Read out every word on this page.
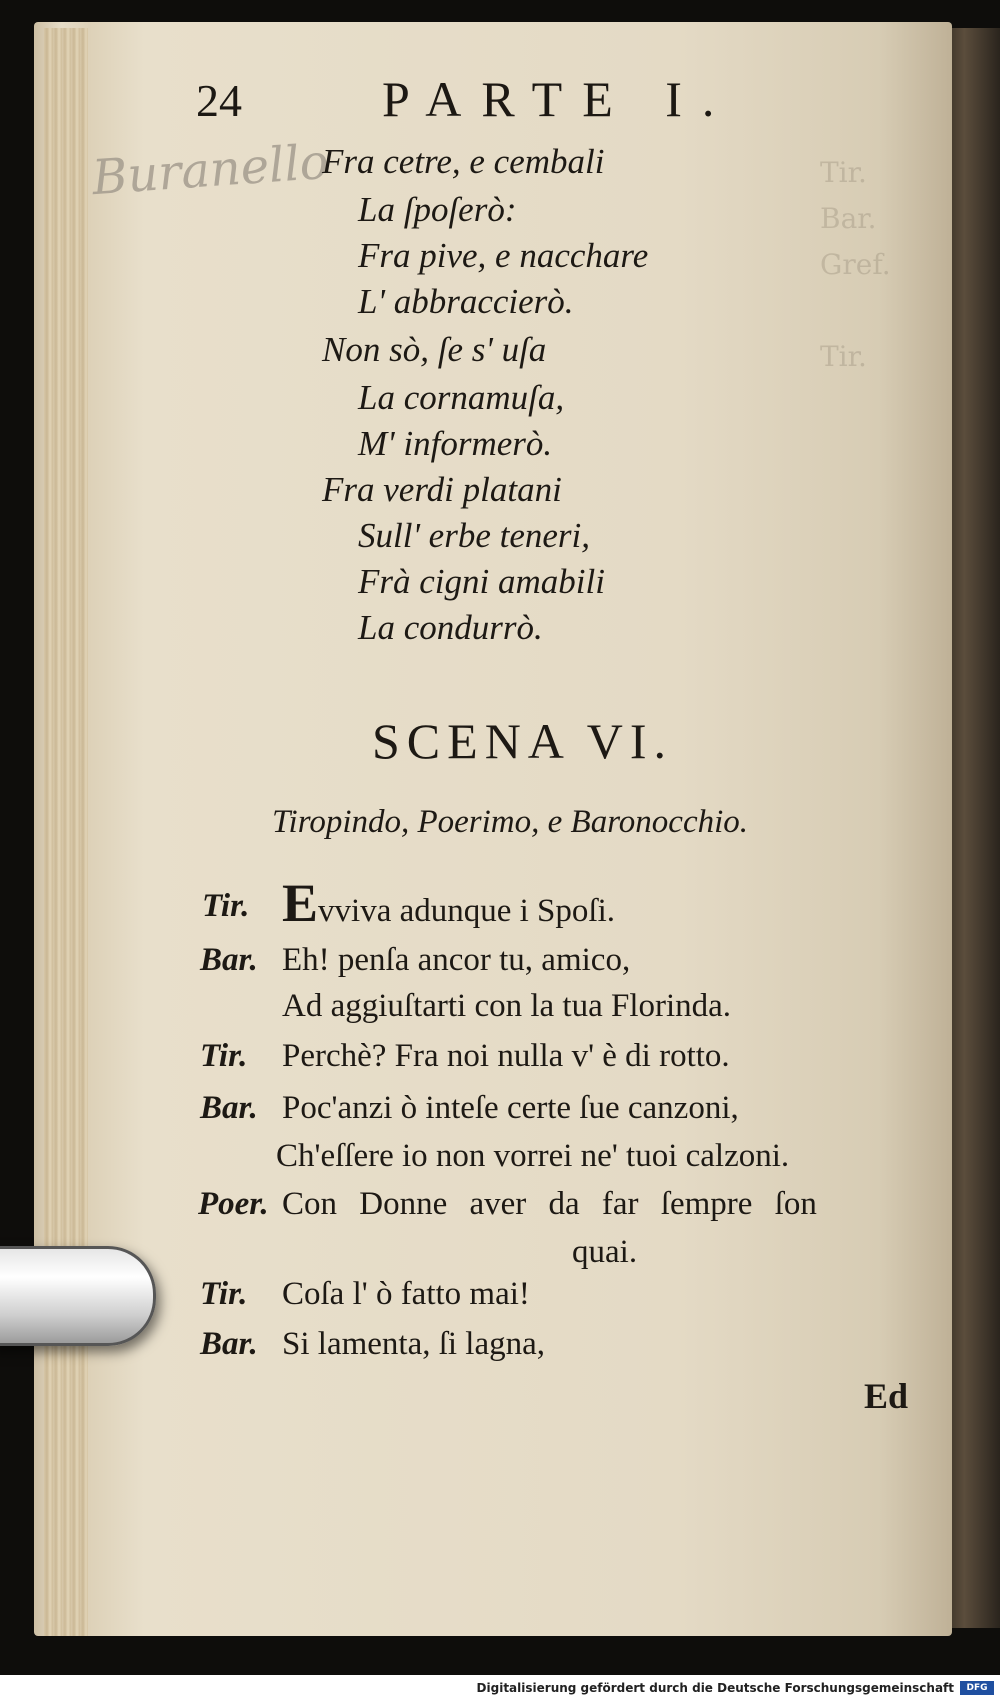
Tir.
Bar.
Gref.

Tir.
Buranello
24	PARTE I.
Fra cetre, e cembali
La ſpoſerò:
Fra pive, e nacchare
L' abbraccierò.
Non sò, ſe s' uſa
La cornamuſa,
M' informerò.
Fra verdi platani
Sull' erbe teneri,
Frà cigni amabili
La condurrò.
SCENA VI.
Tiropindo, Poerimo, e Baronocchio.
Tir. Evviva adunque i Spoſi.
Bar. Eh! penſa ancor tu, amico,
Ad aggiuſtarti con la tua Florinda.
Tir. Perchè? Fra noi nulla v' è di rotto.
Bar. Poc'anzi ò inteſe certe ſue canzoni,
Ch'eſſere io non vorrei ne' tuoi calzoni.
Poer. Con Donne aver da far ſempre ſon
quai.
Tir. Coſa l' ò fatto mai!
Bar. Si lamenta, ſi lagna,
Ed
Digitalisierung gefördert durch die Deutsche Forschungsgemeinschaft	DFG
